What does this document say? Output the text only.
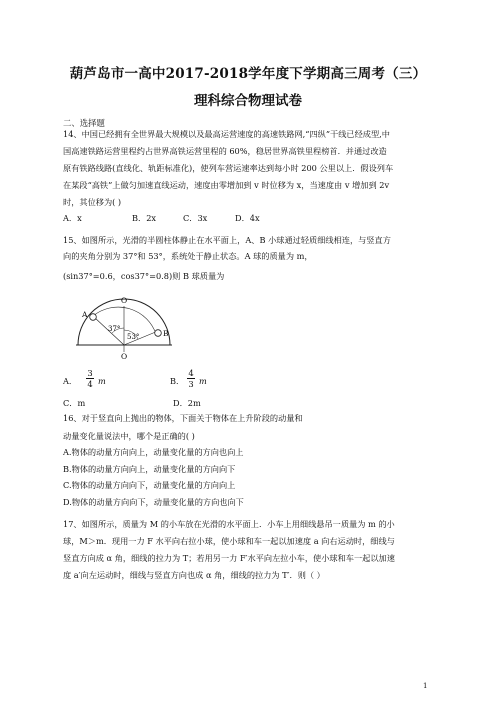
葫芦岛市一高中2017-2018学年度下学期高三周考（三）
理科综合物理试卷
二、选择题
14、中国已经拥有全世界最大规模以及最高运营速度的高速铁路网,“四纵”干线已经成型,中
国高速铁路运营里程约占世界高铁运营里程的 60%，稳居世界高铁里程榜首．并通过改造
原有铁路线路(直线化、轨距标准化)，使列车营运速率达到每小时 200 公里以上．假设列车
在某段“高铁”上做匀加速直线运动，速度由零增加到 v 时位移为 x，当速度由 v 增加到 2v
时，其位移为( )
A．x	B．2x	C．3x	D．4x
15、如图所示，光滑的半圆柱体静止在水平面上，A、B 小球通过轻质细线相连，与竖直方
向的夹角分别为 37°和 53°，系统处于静止状态。A 球的质量为 m，
(sin37°=0.6，cos37°=0.8)则 B 球质量为
O
O
A
B
37°
53°
A．
3
4 m	B．
4
3 m
C．m	D．2m
16、对于竖直向上抛出的物体，下面关于物体在上升阶段的动量和
动量变化量说法中，哪个是正确的( )
A.物体的动量方向向上，动量变化量的方向也向上
B.物体的动量方向向上，动量变化量的方向向下
C.物体的动量方向向下，动量变化量的方向向上
D.物体的动量方向向下，动量变化量的方向也向下
17、如图所示，质量为 M 的小车放在光滑的水平面上．小车上用细线悬吊一质量为 m 的小
球，M＞m．现用一力 F 水平向右拉小球，使小球和车一起以加速度 a 向右运动时，细线与
竖直方向成 α 角，细线的拉力为 T；若用另一力 F′水平向左拉小车，使小球和车一起以加速
度 a′向左运动时，细线与竖直方向也成 α 角，细线的拉力为 T′．则（ ）
1
